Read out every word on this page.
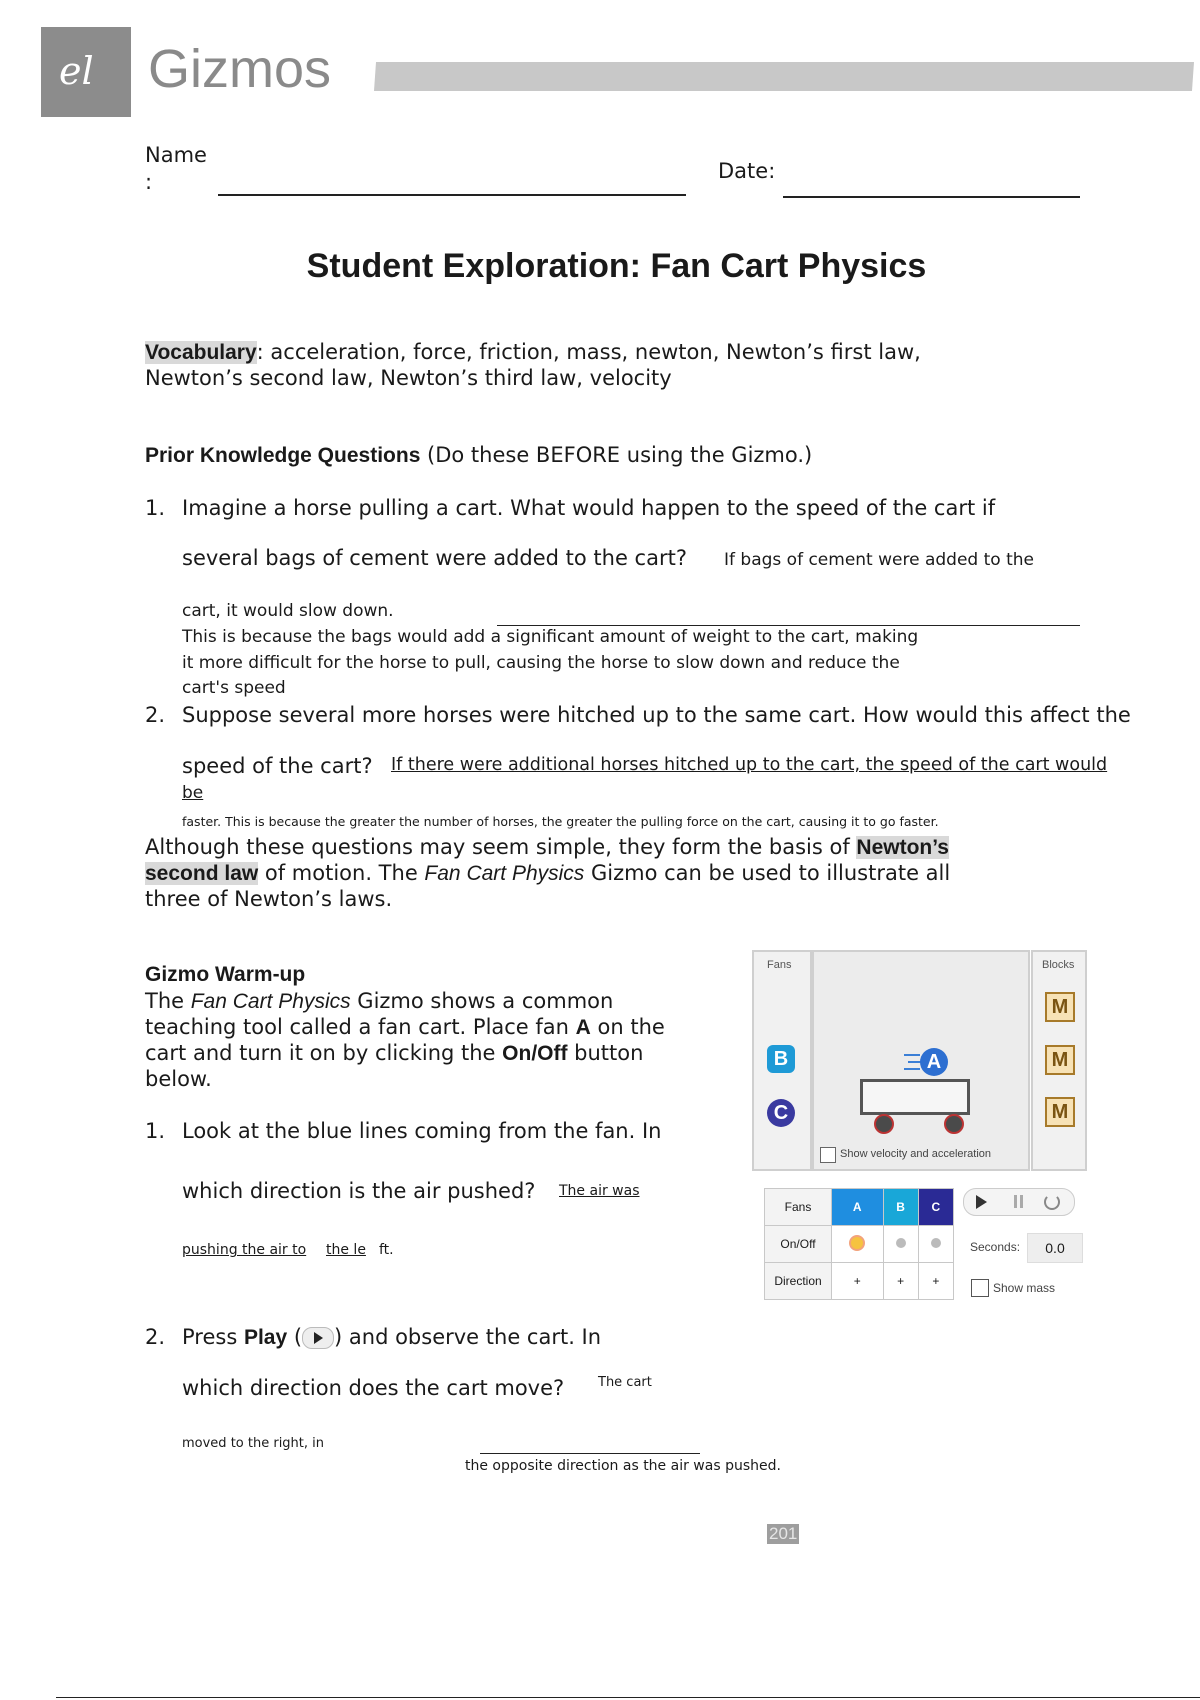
el Gizmos
Name
:	Date:
Student Exploration: Fan Cart Physics
Vocabulary: acceleration, force, friction, mass, newton, Newton’s first law,
Newton’s second law, Newton’s third law, velocity
Prior Knowledge Questions (Do these BEFORE using the Gizmo.)
1. Imagine a horse pulling a cart. What would happen to the speed of the cart if
several bags of cement were added to the cart? If bags of cement were added to the
cart, it would slow down.
This is because the bags would add a significant amount of weight to the cart, making
it more difficult for the horse to pull, causing the horse to slow down and reduce the
cart's speed
2. Suppose several more horses were hitched up to the same cart. How would this affect the
speed of the cart? If there were additional horses hitched up to the cart, the speed of the cart would
be
faster. This is because the greater the number of horses, the greater the pulling force on the cart, causing it to go faster.
Although these questions may seem simple, they form the basis of Newton’s
second law of motion. The Fan Cart Physics Gizmo can be used to illustrate all
three of Newton’s laws.
Gizmo Warm-up
The Fan Cart Physics Gizmo shows a common
teaching tool called a fan cart. Place fan A on the
cart and turn it on by clicking the On/Off button
below.
1. Look at the blue lines coming from the fan. In
which direction is the air pushed? The air was
pushing the air to the le ft.
2. Press Play ( ) and observe the cart. In
which direction does the cart move?	The cart
moved to the right, in
the opposite direction as the air was pushed.
Fans
B
C
A
Show velocity and acceleration
Blocks
M
M
M
Fans	A	B	C
On/Off			
Direction	+	+	+
Seconds:	0.0
Show mass
201
